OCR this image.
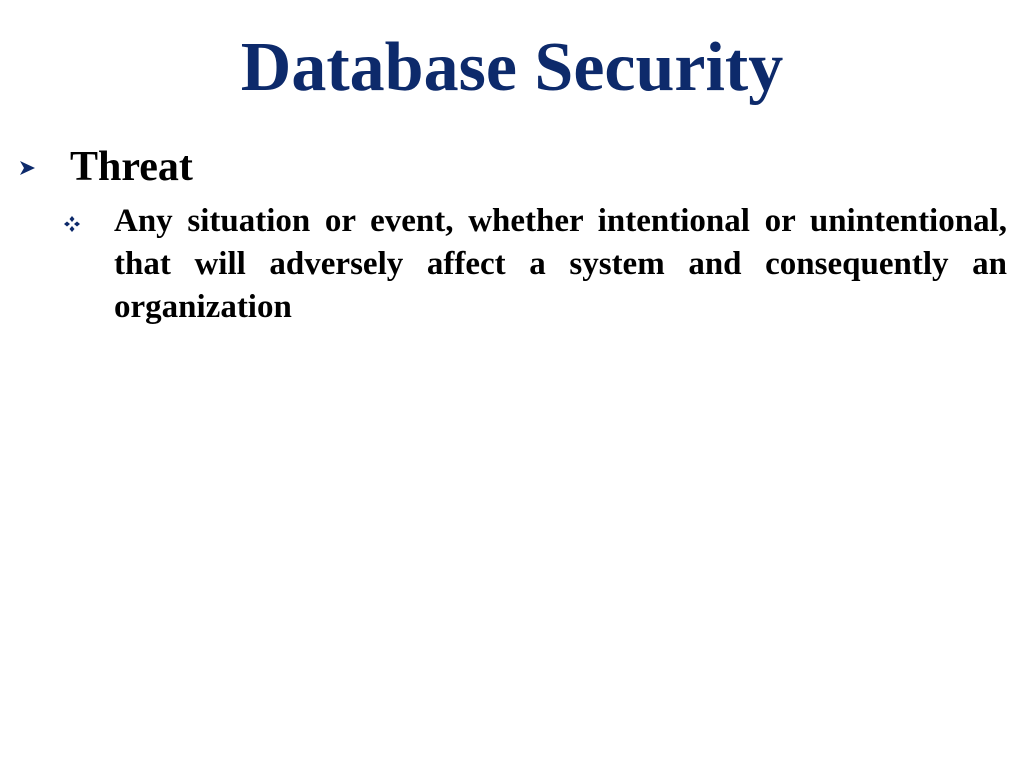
Database Security
Threat

Any situation or event, whether intentional or unintentional, that will adversely affect a system and consequently an organization
